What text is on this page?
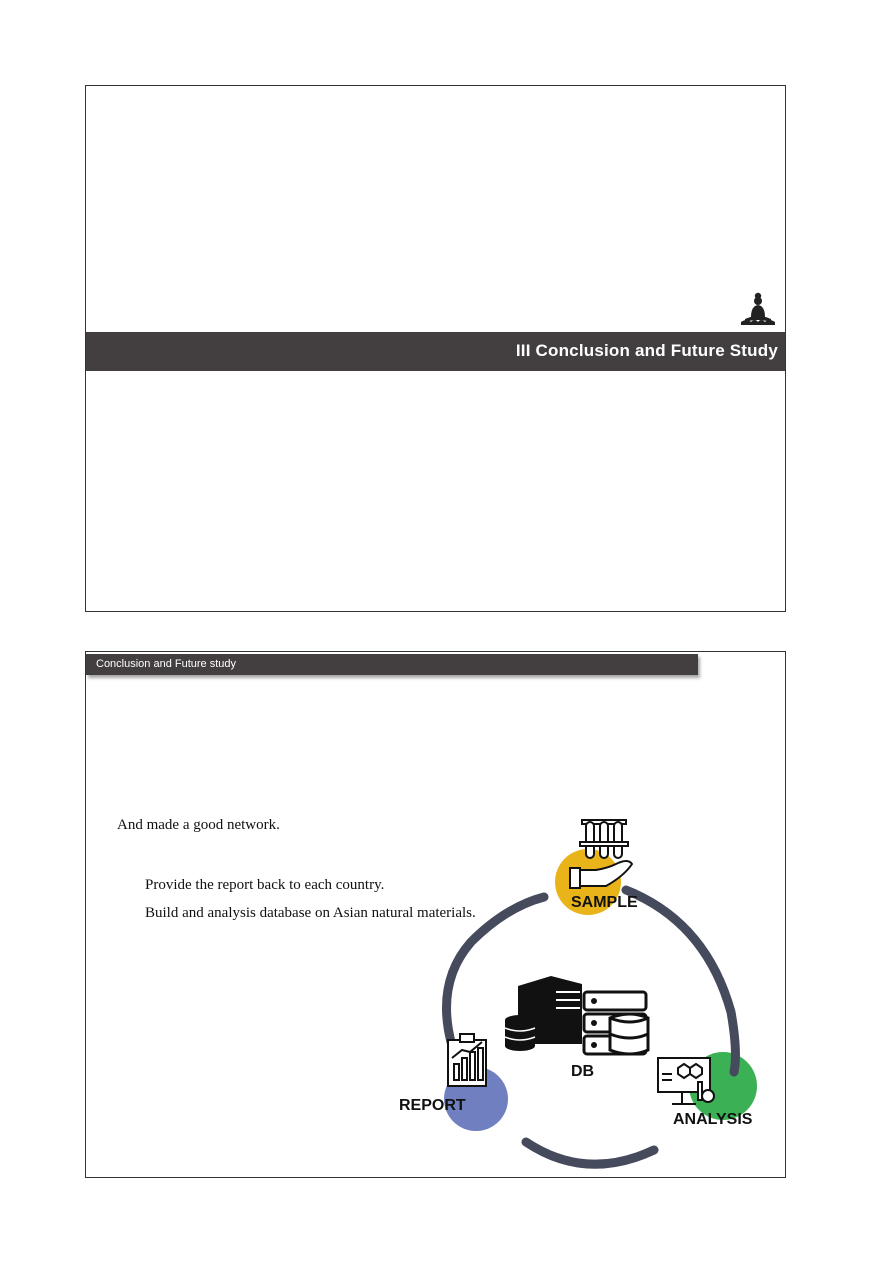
III Conclusion and Future Study
Conclusion and Future study
And made a good network.
Provide the report back to each country.
Build and analysis database on Asian natural materials.
SAMPLE
DB
ANALYSIS
REPORT
